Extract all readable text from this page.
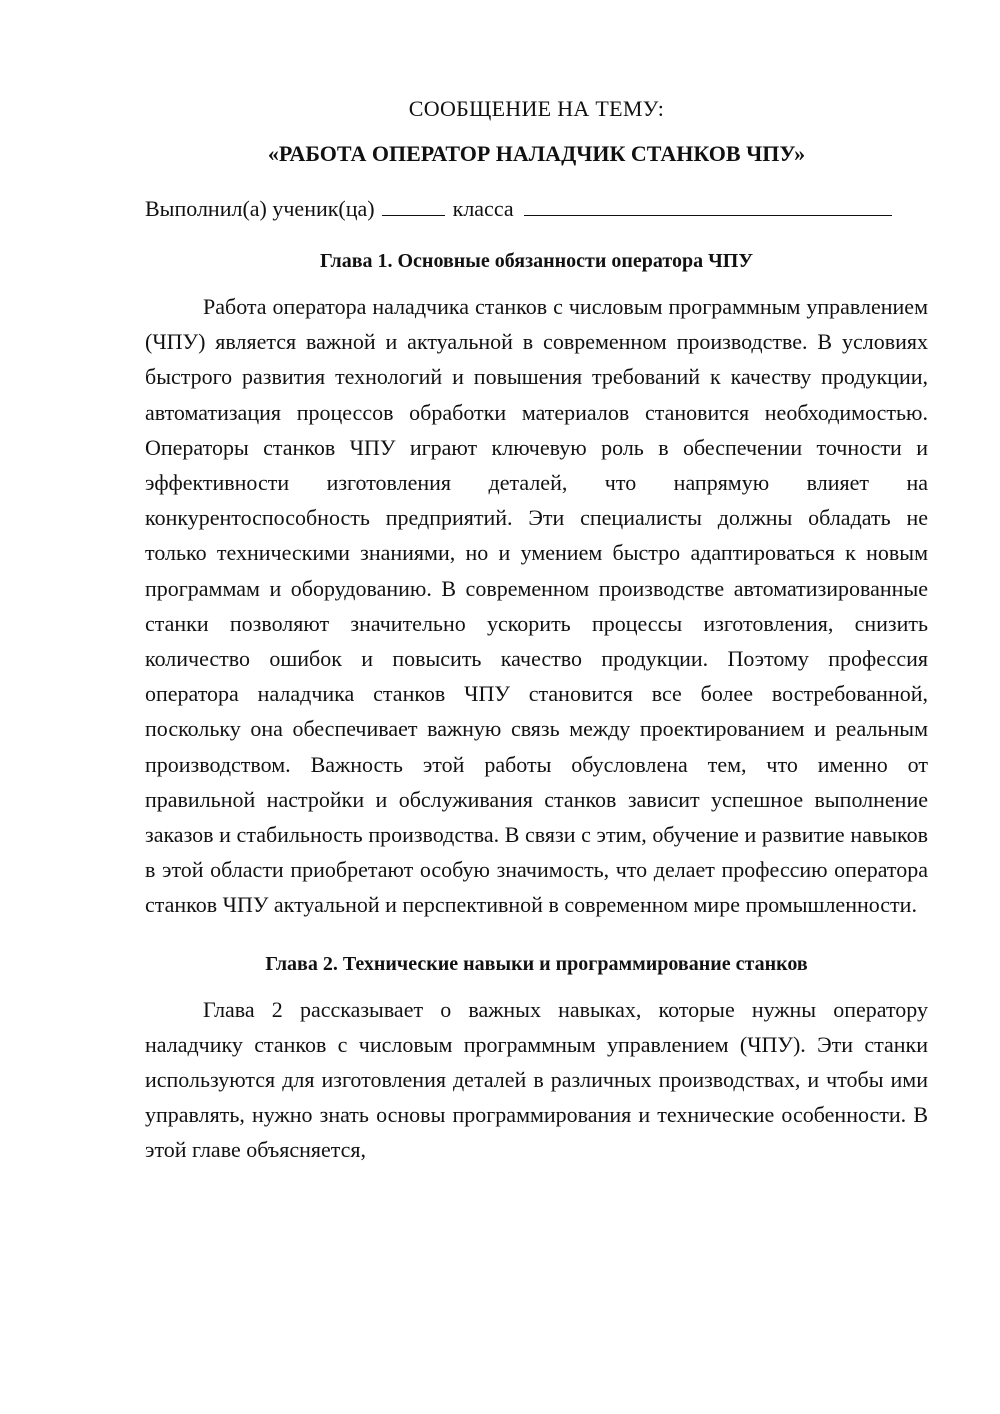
СООБЩЕНИЕ НА ТЕМУ:

«РАБОТА ОПЕРАТОР НАЛАДЧИК СТАНКОВ ЧПУ»

Выполнил(а) ученик(ца)	класса
Глава 1. Основные обязанности оператора ЧПУ

Работа оператора наладчика станков с числовым программным управлением (ЧПУ) является важной и актуальной в современном производстве. В условиях быстрого развития технологий и повышения требований к качеству продукции, автоматизация процессов обработки материалов становится необходимостью. Операторы станков ЧПУ играют ключевую роль в обеспечении точности и эффективности изготовления деталей, что напрямую влияет на конкурентоспособность предприятий. Эти специалисты должны обладать не только техническими знаниями, но и умением быстро адаптироваться к новым программам и оборудованию. В современном производстве автоматизированные станки позволяют значительно ускорить процессы изготовления, снизить количество ошибок и повысить качество продукции. Поэтому профессия оператора наладчика станков ЧПУ становится все более востребованной, поскольку она обеспечивает важную связь между проектированием и реальным производством. Важность этой работы обусловлена тем, что именно от правильной настройки и обслуживания станков зависит успешное выполнение заказов и стабильность производства. В связи с этим, обучение и развитие навыков в этой области приобретают особую значимость, что делает профессию оператора станков ЧПУ актуальной и перспективной в современном мире промышленности.

Глава 2. Технические навыки и программирование станков

Глава 2 рассказывает о важных навыках, которые нужны оператору наладчику станков с числовым программным управлением (ЧПУ). Эти станки используются для изготовления деталей в различных производствах, и чтобы ими управлять, нужно знать основы программирования и технические особенности. В этой главе объясняется,
